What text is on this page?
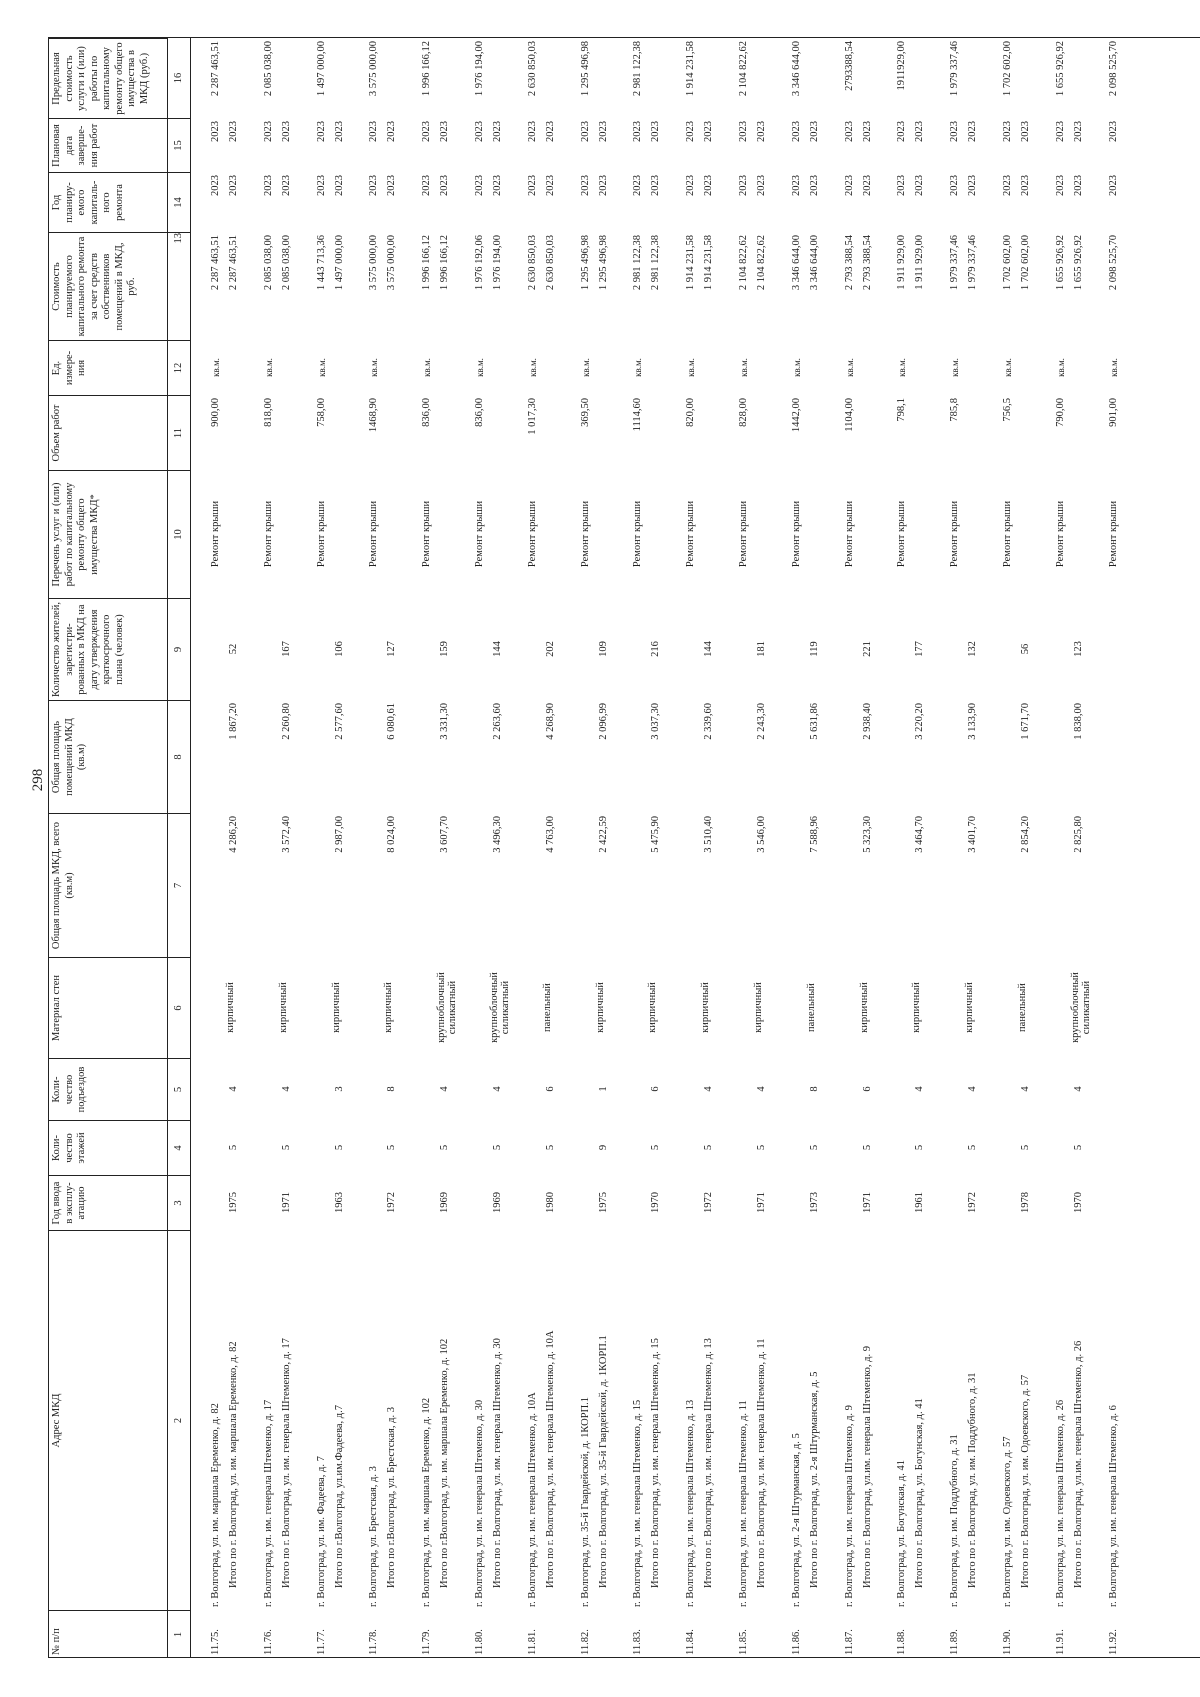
298
№ п/п
Адрес МКД
Год ввода в эксплу-атацию
Коли-чество этажей
Коли-чество подъездов
Материал стен
Общая площадь МКД, всего (кв.м)
Общая площадь помещений МКД (кв.м)
Количество жителей, зарегистри-рованных в МКД на дату утверждения краткосрочного плана (человек)
Перечень услуг и (или) работ по капитальному ремонту общего имущества МКД*
Объем работ
Ед. измере-ния
Стоимость планируемого капитального ремонта за счет средств собственников помещений в МКД, руб.
Год планиру-емого капиталь-ного ремонта
Плановая дата заверше-ния работ
Предельная стоимость услуги и (или) работы по капитальному ремонту общего имущества в МКД (руб.)
1
2
3
4
5
6
7
8
9
10
11
12
13
14
15
16
11.75.
г. Волгоград, ул. им. маршала Еременко, д. 82
Ремонт крыши
900,00
кв.м.
2 287 463,51
2023
2023
2 287 463,51
Итого по г. Волгоград, ул. им. маршала Еременко, д. 82
1975
5
4
кирпичный
4 286,20
1 867,20
52
2 287 463,51
2023
2023
11.76.
г. Волгоград, ул. им. генерала Штеменко, д. 17
Ремонт крыши
818,00
кв.м.
2 085 038,00
2023
2023
2 085 038,00
Итого по г. Волгоград, ул. им. генерала Штеменко, д. 17
1971
5
4
кирпичный
3 572,40
2 260,80
167
2 085 038,00
2023
2023
11.77.
г. Волгоград, ул. им. Фадеева, д. 7
Ремонт крыши
758,00
кв.м.
1 443 713,36
2023
2023
1 497 000,00
Итого по г.Волгоград, ул.им.Фадеева, д.7
1963
5
3
кирпичный
2 987,00
2 577,60
106
1 497 000,00
2023
2023
11.78.
г. Волгоград, ул. Брестская, д. 3
Ремонт крыши
1468,90
кв.м.
3 575 000,00
2023
2023
3 575 000,00
Итого по г.Волгоград, ул. Брестская, д. 3
1972
5
8
кирпичный
8 024,00
6 080,61
127
3 575 000,00
2023
2023
11.79.
г. Волгоград, ул. им. маршала Еременко, д. 102
Ремонт крыши
836,00
кв.м.
1 996 166,12
2023
2023
1 996 166,12
Итого по г.Волгоград, ул. им. маршала Еременко, д. 102
1969
5
4
крупноблочный силикатный
3 607,70
3 331,30
159
1 996 166,12
2023
2023
11.80.
г. Волгоград, ул. им. генерала Штеменко, д. 30
Ремонт крыши
836,00
кв.м.
1 976 192,06
2023
2023
1 976 194,00
Итого по г. Волгоград, ул. им. генерала Штеменко, д. 30
1969
5
4
крупноблочный силикатный
3 496,30
2 263,60
144
1 976 194,00
2023
2023
11.81.
г. Волгоград, ул. им. генерала Штеменко, д. 10А
Ремонт крыши
1 017,30
кв.м.
2 630 850,03
2023
2023
2 630 850,03
Итого по г. Волгоград, ул. им. генерала Штеменко, д. 10А
1980
5
6
панельный
4 763,00
4 268,90
202
2 630 850,03
2023
2023
11.82.
г. Волгоград, ул. 35-й Гвардейской, д. 1КОРП.1
Ремонт крыши
369,50
кв.м.
1 295 496,98
2023
2023
1 295 496,98
Итого по г. Волгоград, ул. 35-й Гвардейской, д. 1КОРП.1
1975
9
1
кирпичный
2 422,59
2 096,99
109
1 295 496,98
2023
2023
11.83.
г. Волгоград, ул. им. генерала Штеменко, д. 15
Ремонт крыши
1114,60
кв.м.
2 981 122,38
2023
2023
2 981 122,38
Итого по г. Волгоград, ул. им. генерала Штеменко, д. 15
1970
5
6
кирпичный
5 475,90
3 037,30
216
2 981 122,38
2023
2023
11.84.
г. Волгоград, ул. им. генерала Штеменко, д. 13
Ремонт крыши
820,00
кв.м.
1 914 231,58
2023
2023
1 914 231,58
Итого по г. Волгоград, ул. им. генерала Штеменко, д. 13
1972
5
4
кирпичный
3 510,40
2 339,60
144
1 914 231,58
2023
2023
11.85.
г. Волгоград, ул. им. генерала Штеменко, д. 11
Ремонт крыши
828,00
кв.м.
2 104 822,62
2023
2023
2 104 822,62
Итого по г. Волгоград, ул. им. генерала Штеменко, д. 11
1971
5
4
кирпичный
3 546,00
2 243,30
181
2 104 822,62
2023
2023
11.86.
г. Волгоград, ул. 2-я Штурманская, д. 5
Ремонт крыши
1442,00
кв.м.
3 346 644,00
2023
2023
3 346 644,00
Итого по г. Волгоград, ул. 2-я Штурманская, д. 5
1973
5
8
панельный
7 588,96
5 631,86
119
3 346 644,00
2023
2023
11.87.
г. Волгоград, ул. им. генерала Штеменко, д. 9
Ремонт крыши
1104,00
кв.м.
2 793 388,54
2023
2023
2793388,54
Итого по г. Волгоград, ул.им. генерала Штеменко, д. 9
1971
5
6
кирпичный
5 323,30
2 938,40
221
2 793 388,54
2023
2023
11.88.
г. Волгоград, ул. Богунская, д. 41
Ремонт крыши
798,1
кв.м.
1 911 929,00
2023
2023
1911929,00
Итого по г. Волгоград, ул. Богунская, д. 41
1961
5
4
кирпичный
3 464,70
3 220,20
177
1 911 929,00
2023
2023
11.89.
г. Волгоград, ул. им. Поддубного, д. 31
Ремонт крыши
785,8
кв.м.
1 979 337,46
2023
2023
1 979 337,46
Итого по г. Волгоград, ул. им. Поддубного, д. 31
1972
5
4
кирпичный
3 401,70
3 133,90
132
1 979 337,46
2023
2023
11.90.
г. Волгоград, ул. им. Одоевского, д. 57
Ремонт крыши
756,5
кв.м.
1 702 602,00
2023
2023
1 702 602,00
Итого по г. Волгоград, ул. им. Одоевского, д. 57
1978
5
4
панельный
2 854,20
1 671,70
56
1 702 602,00
2023
2023
11.91.
г. Волгоград, ул. им. генерала Штеменко, д. 26
Ремонт крыши
790,00
кв.м.
1 655 926,92
2023
2023
1 655 926,92
Итого по г. Волгоград, ул.им. генерала Штеменко, д. 26
1970
5
4
крупноблочный силикатный
2 825,80
1 838,00
123
1 655 926,92
2023
2023
11.92.
г. Волгоград, ул. им. генерала Штеменко, д. 6
Ремонт крыши
901,00
кв.м.
2 098 525,70
2023
2023
2 098 525,70
